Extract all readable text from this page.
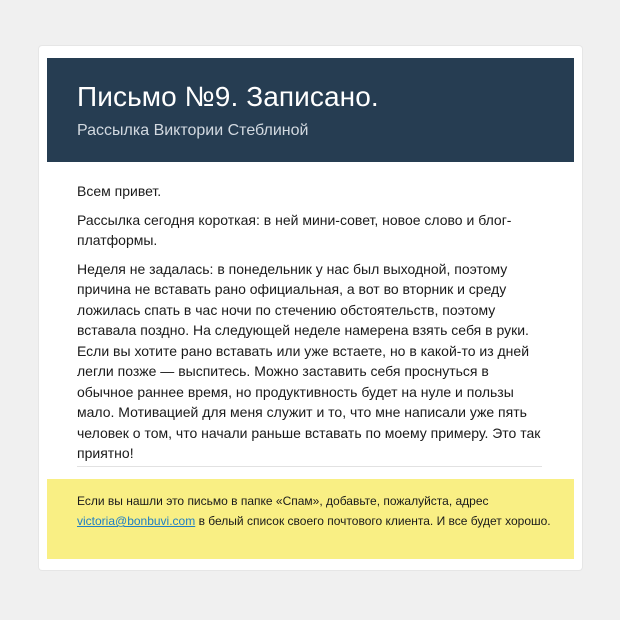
Письмо №9. Записано.
Рассылка Виктории Стеблиной

Всем привет.

Рассылка сегодня короткая: в ней мини-совет, новое слово и блог-платформы.

Неделя не задалась: в понедельник у нас был выходной, поэтому причина не вставать рано официальная, а вот во вторник и среду ложилась спать в час ночи по стечению обстоятельств, поэтому вставала поздно. На следующей неделе намерена взять себя в руки. Если вы хотите рано вставать или уже встаете, но в какой-то из дней легли позже — выспитесь. Можно заставить себя проснуться в обычное раннее время, но продуктивность будет на нуле и пользы мало. Мотивацией для меня служит и то, что мне написали уже пять человек о том, что начали раньше вставать по моему примеру. Это так приятно!

Если вы нашли это письмо в папке «Спам», добавьте, пожалуйста, адрес
victoria@bonbuvi.com в белый список своего почтового клиента. И все будет хорошо.
